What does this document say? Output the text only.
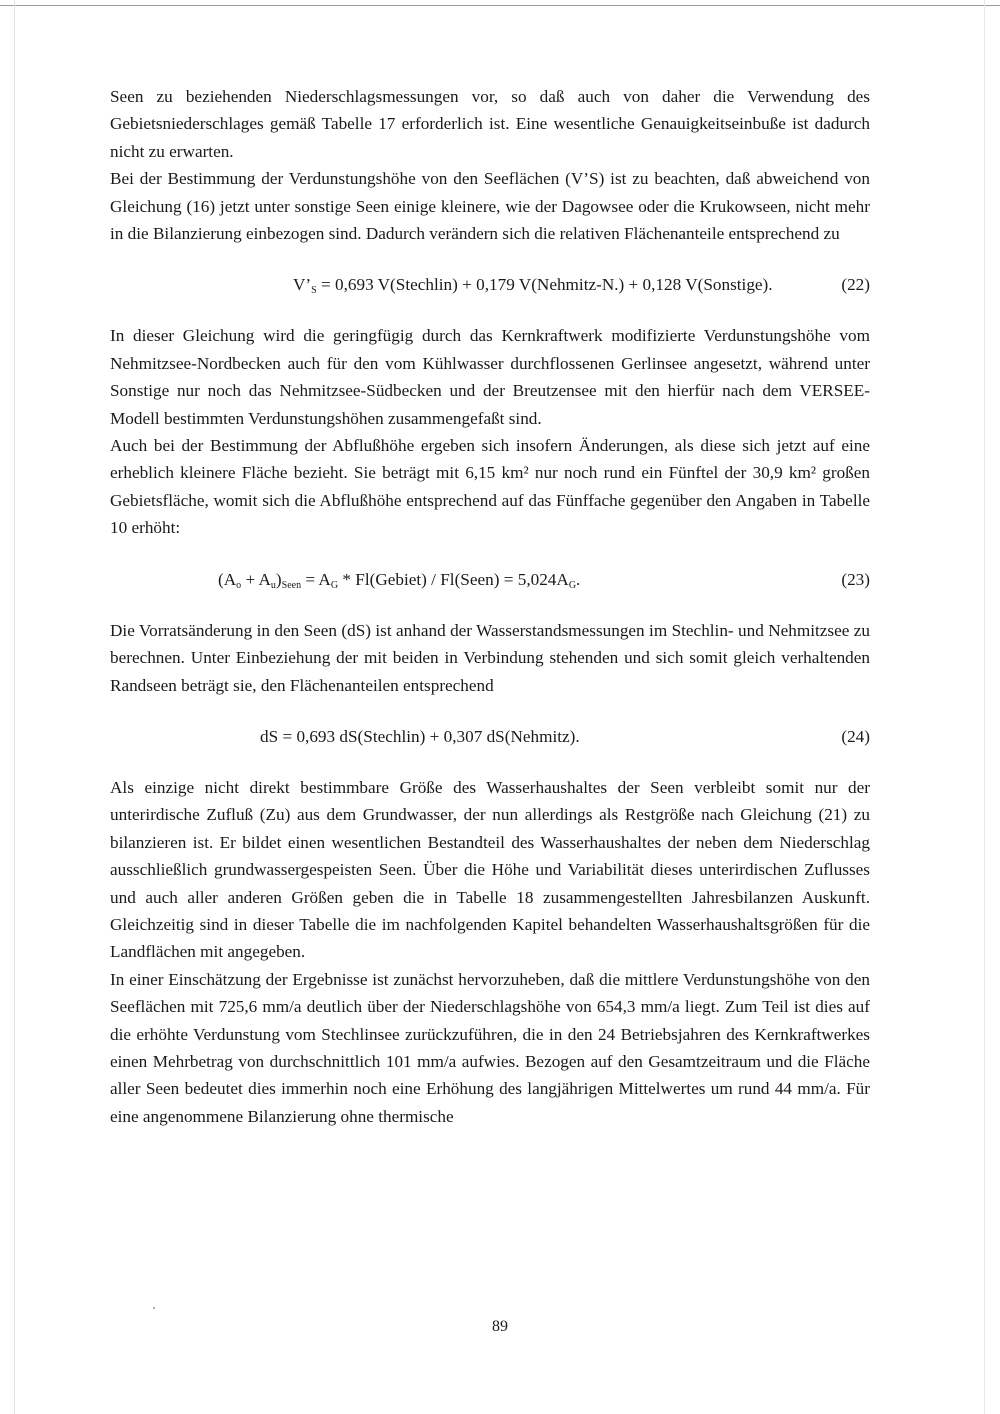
Seen zu beziehenden Niederschlagsmessungen vor, so daß auch von daher die Verwendung des Gebietsniederschlages gemäß Tabelle 17 erforderlich ist. Eine wesentliche Genauigkeitseinbuße ist dadurch nicht zu erwarten.

Bei der Bestimmung der Verdunstungshöhe von den Seeflächen (V’S) ist zu beachten, daß abweichend von Gleichung (16) jetzt unter sonstige Seen einige kleinere, wie der Dagowsee oder die Krukowseen, nicht mehr in die Bilanzierung einbezogen sind. Dadurch verändern sich die relativen Flächenanteile entsprechend zu

$V’_S = 0,693$ V(Stechlin) + 0,179 V(Nehmitz-N.) + 0,128 V(Sonstige).	(22)

In dieser Gleichung wird die geringfügig durch das Kernkraftwerk modifizierte Verdunstungshöhe vom Nehmitzsee-Nordbecken auch für den vom Kühlwasser durchflossenen Gerlinsee angesetzt, während unter Sonstige nur noch das Nehmitzsee-Südbecken und der Breutzensee mit den hierfür nach dem VERSEE-Modell bestimmten Verdunstungshöhen zusammengefaßt sind.

Auch bei der Bestimmung der Abflußhöhe ergeben sich insofern Änderungen, als diese sich jetzt auf eine erheblich kleinere Fläche bezieht. Sie beträgt mit 6,15 km² nur noch rund ein Fünftel der 30,9 km² großen Gebietsfläche, womit sich die Abflußhöhe entsprechend auf das Fünffache gegenüber den Angaben in Tabelle 10 erhöht:

$(A_o + A_u)_{Seen} = A_G$ * Fl(Gebiet) / Fl(Seen) = $5,024A_G$.	(23)

Die Vorratsänderung in den Seen (dS) ist anhand der Wasserstandsmessungen im Stechlin- und Nehmitzsee zu berechnen. Unter Einbeziehung der mit beiden in Verbindung stehenden und sich somit gleich verhaltenden Randseen beträgt sie, den Flächenanteilen entsprechend

dS = 0,693 dS(Stechlin) + 0,307 dS(Nehmitz).	(24)

Als einzige nicht direkt bestimmbare Größe des Wasserhaushaltes der Seen verbleibt somit nur der unterirdische Zufluß (Zu) aus dem Grundwasser, der nun allerdings als Restgröße nach Gleichung (21) zu bilanzieren ist. Er bildet einen wesentlichen Bestandteil des Wasserhaushaltes der neben dem Niederschlag ausschließlich grundwassergespeisten Seen. Über die Höhe und Variabilität dieses unterirdischen Zuflusses und auch aller anderen Größen geben die in Tabelle 18 zusammengestellten Jahresbilanzen Auskunft. Gleichzeitig sind in dieser Tabelle die im nachfolgenden Kapitel behandelten Wasserhaushaltsgrößen für die Landflächen mit angegeben.

In einer Einschätzung der Ergebnisse ist zunächst hervorzuheben, daß die mittlere Verdunstungshöhe von den Seeflächen mit 725,6 mm/a deutlich über der Niederschlagshöhe von 654,3 mm/a liegt. Zum Teil ist dies auf die erhöhte Verdunstung vom Stechlinsee zurückzuführen, die in den 24 Betriebsjahren des Kernkraftwerkes einen Mehrbetrag von durchschnittlich 101 mm/a aufwies. Bezogen auf den Gesamtzeitraum und die Fläche aller Seen bedeutet dies immerhin noch eine Erhöhung des langjährigen Mittelwertes um rund 44 mm/a. Für eine angenommene Bilanzierung ohne thermische

89
